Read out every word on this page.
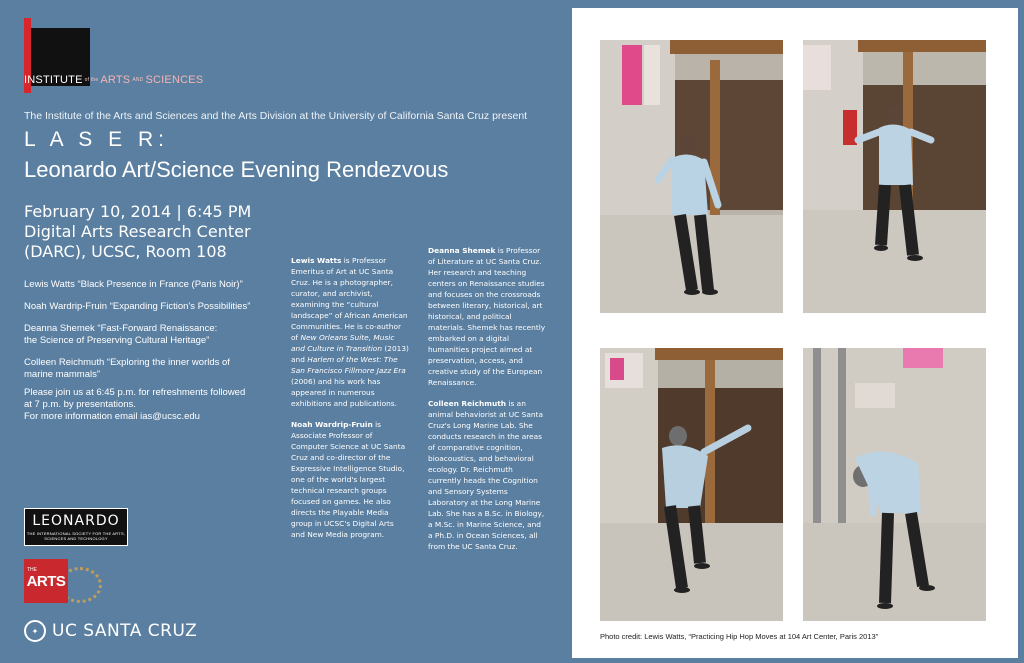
INSTITUTE of the ARTS AND SCIENCES
The Institute of the Arts and Sciences and the Arts Division at the University of California Santa Cruz present
L A S E R:
Leonardo Art/Science Evening Rendezvous
February 10, 2014 | 6:45 PM
Digital Arts Research Center
(DARC), UCSC, Room 108
Lewis Watts “Black Presence in France (Paris Noir)”
Noah Wardrip-Fruin “Expanding Fiction's Possibilities”
Deanna Shemek “Fast-Forward Renaissance:
the Science of Preserving Cultural Heritage”
Colleen Reichmuth “Exploring the inner worlds of
marine mammals”
Please join us at 6:45 p.m. for refreshments followed
at 7 p.m. by presentations.
For more information email ias@ucsc.edu

Lewis Watts is Professor Emeritus of Art at UC Santa Cruz. He is a photographer, curator, and archivist, examining the “cultural landscape” of African American Communities. He is co-author of New Orleans Suite, Music and Culture in Transition (2013) and Harlem of the West: The San Francisco Fillmore Jazz Era (2006) and his work has appeared in numerous exhibitions and publications.

Noah Wardrip-Fruin is Associate Professor of Computer Science at UC Santa Cruz and co-director of the Expressive Intelligence Studio, one of the world's largest technical research groups focused on games. He also directs the Playable Media group in UCSC's Digital Arts and New Media program.

Deanna Shemek is Professor of Literature at UC Santa Cruz. Her research and teaching centers on Renaissance studies and focuses on the crossroads between literary, historical, art historical, and political materials. Shemek has recently embarked on a digital humanities project aimed at preservation, access, and creative study of the European Renaissance.

Colleen Reichmuth is an animal behaviorist at UC Santa Cruz's Long Marine Lab. She conducts research in the areas of comparative cognition, bioacoustics, and behavioral ecology. Dr. Reichmuth currently heads the Cognition and Sensory Systems Laboratory at the Long Marine Lab. She has a B.Sc. in Biology, a M.Sc. in Marine Science, and a Ph.D. in Ocean Sciences, all from the UC Santa Cruz.

LEONARDO
THE INTERNATIONAL SOCIETY FOR THE ARTS, SCIENCES AND TECHNOLOGY
THE
ARTS
✦ UC SANTA CRUZ	Photo credit: Lewis Watts, “Practicing Hip Hop Moves at 104 Art Center, Paris 2013”
